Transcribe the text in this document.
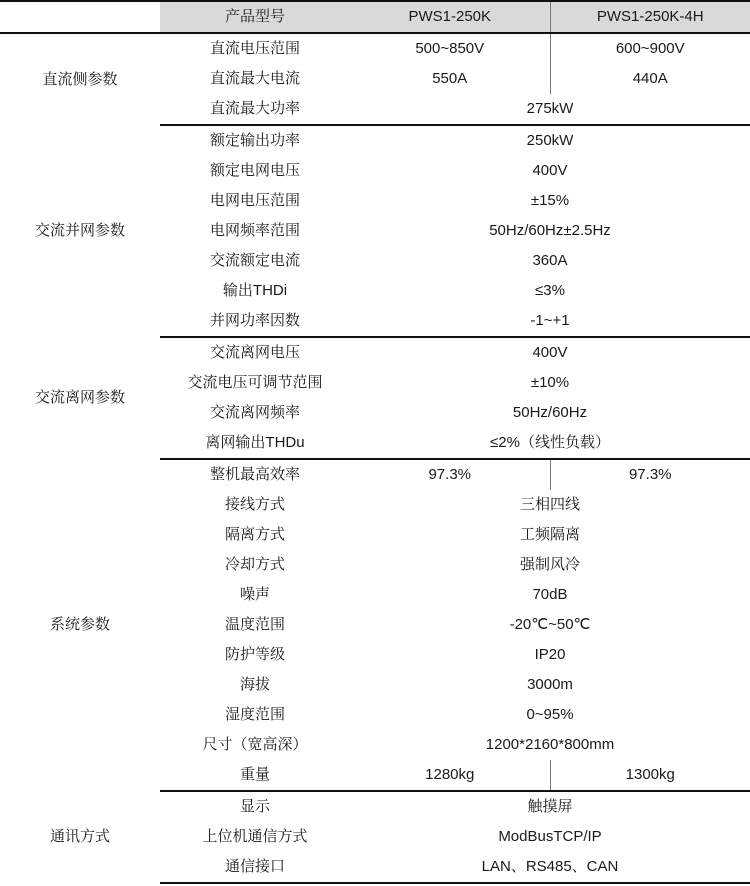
	产品型号	PWS1-250K	PWS1-250K-4H
直流侧参数	直流电压范围	500~850V	600~900V
	直流最大电流	550A	440A
	直流最大功率	275kW	
交流并网参数	额定输出功率	250kW	
	额定电网电压	400V	
	电网电压范围	±15%	
	电网频率范围	50Hz/60Hz±2.5Hz	
	交流额定电流	360A	
	输出THDi	≤3%	
	并网功率因数	-1~+1	
交流离网参数	交流离网电压	400V	
	交流电压可调节范围	±10%	
	交流离网频率	50Hz/60Hz	
	离网输出THDu	≤2%（线性负载）	
系统参数	整机最高效率	97.3%	97.3%
	接线方式	三相四线	
	隔离方式	工频隔离	
	冷却方式	强制风冷	
	噪声	70dB	
	温度范围	-20℃~50℃	
	防护等级	IP20	
	海拔	3000m	
	湿度范围	0~95%	
	尺寸（宽高深）	1200*2160*800mm	
	重量	1280kg	1300kg
通讯方式	显示	触摸屏	
	上位机通信方式	ModBusTCP/IP	
	通信接口	LAN、RS485、CAN	
